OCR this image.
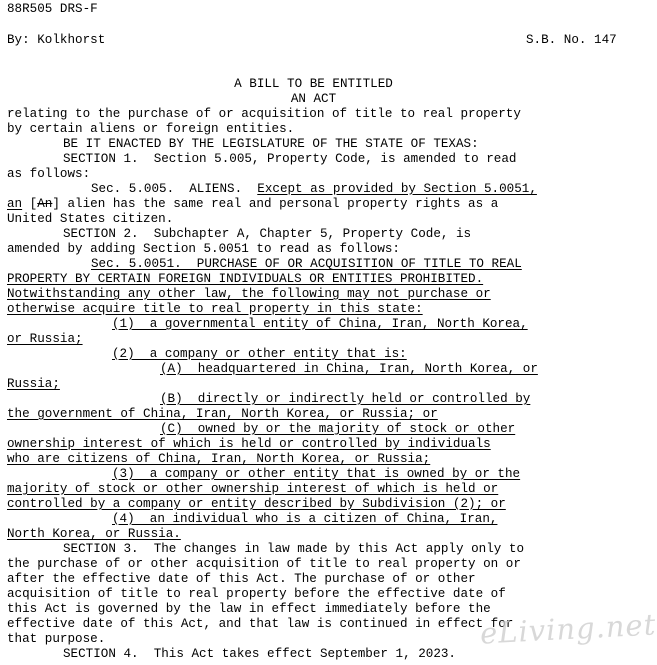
88R505 DRS-F
By: Kolkhorst	S.B. No. 147
A BILL TO BE ENTITLED
AN ACT
relating to the purchase of or acquisition of title to real property
by certain aliens or foreign entities.
BE IT ENACTED BY THE LEGISLATURE OF THE STATE OF TEXAS:
SECTION 1.  Section 5.005, Property Code, is amended to read
as follows:
Sec. 5.005.  ALIENS.  Except as provided by Section 5.0051,
an [An] alien has the same real and personal property rights as a
United States citizen.
SECTION 2.  Subchapter A, Chapter 5, Property Code, is
amended by adding Section 5.0051 to read as follows:
Sec. 5.0051.  PURCHASE OF OR ACQUISITION OF TITLE TO REAL
PROPERTY BY CERTAIN FOREIGN INDIVIDUALS OR ENTITIES PROHIBITED.
Notwithstanding any other law, the following may not purchase or
otherwise acquire title to real property in this state:
(1)  a governmental entity of China, Iran, North Korea,
or Russia;
(2)  a company or other entity that is:
(A)  headquartered in China, Iran, North Korea, or
Russia;
(B)  directly or indirectly held or controlled by
the government of China, Iran, North Korea, or Russia; or
(C)  owned by or the majority of stock or other
ownership interest of which is held or controlled by individuals
who are citizens of China, Iran, North Korea, or Russia;
(3)  a company or other entity that is owned by or the
majority of stock or other ownership interest of which is held or
controlled by a company or entity described by Subdivision (2); or
(4)  an individual who is a citizen of China, Iran,
North Korea, or Russia.
SECTION 3.  The changes in law made by this Act apply only to
the purchase of or other acquisition of title to real property on or
after the effective date of this Act. The purchase of or other
acquisition of title to real property before the effective date of
this Act is governed by the law in effect immediately before the
effective date of this Act, and that law is continued in effect for
that purpose.
SECTION 4.  This Act takes effect September 1, 2023.
eLiving.net
